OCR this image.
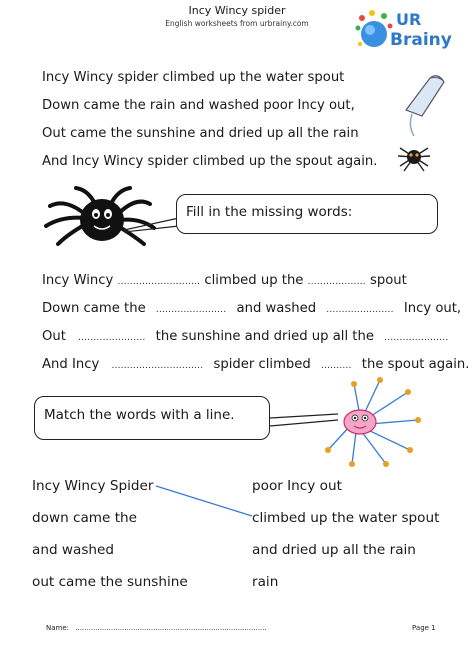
Incy Wincy spider
English worksheets from urbrainy.com	UR
Brainy
Incy Wincy spider climbed up the water spout
Down came the rain and washed poor Incy out,
Out came the sunshine and dried up all the rain
And Incy Wincy spider climbed up the spout again.
Fill in the missing words:
Incy Wincy ........................... climbed up the ................... spout
Down came the ....................... and washed ...................... Incy out,
Out ...................... the sunshine and dried up all the .....................
And Incy .............................. spider climbed .......... the spout again.
Match the words with a line.
Incy Wincy Spider
down came the
and washed
out came the sunshine
poor Incy out
climbed up the water spout
and dried up all the rain
rain
Name: ......................................................................................	Page 1
